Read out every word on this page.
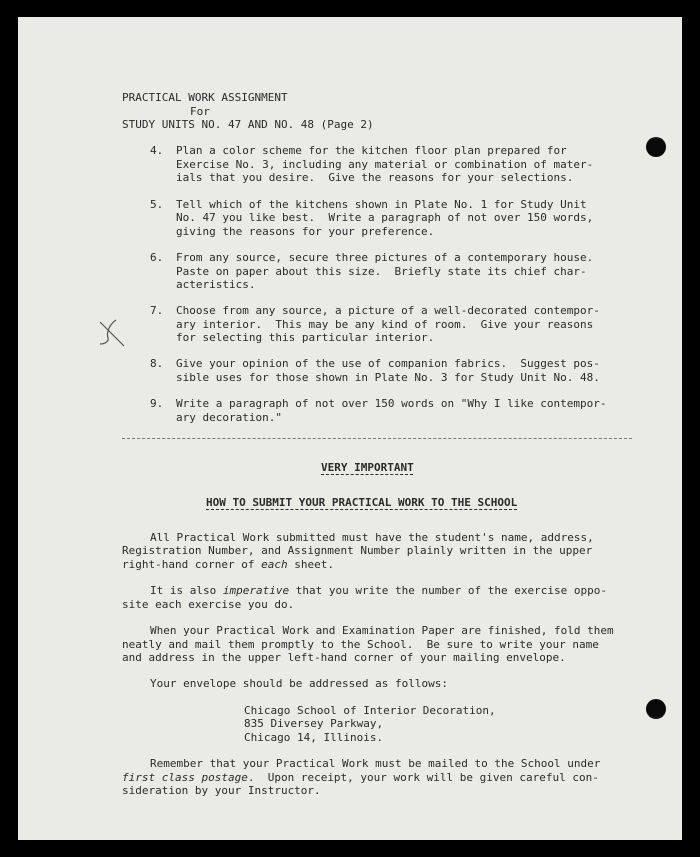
PRACTICAL WORK ASSIGNMENT
For
STUDY UNITS NO. 47 AND NO. 48 (Page 2)
4. Plan a color scheme for the kitchen floor plan prepared for
Exercise No. 3, including any material or combination of mater-
ials that you desire.  Give the reasons for your selections.
5. Tell which of the kitchens shown in Plate No. 1 for Study Unit
No. 47 you like best.  Write a paragraph of not over 150 words,
giving the reasons for your preference.
6. From any source, secure three pictures of a contemporary house.
Paste on paper about this size.  Briefly state its chief char-
acteristics.
7. Choose from any source, a picture of a well-decorated contempor-
ary interior.  This may be any kind of room.  Give your reasons
for selecting this particular interior.
8. Give your opinion of the use of companion fabrics.  Suggest pos-
sible uses for those shown in Plate No. 3 for Study Unit No. 48.
9. Write a paragraph of not over 150 words on "Why I like contempor-
ary decoration."
VERY IMPORTANT
HOW TO SUBMIT YOUR PRACTICAL WORK TO THE SCHOOL
All Practical Work submitted must have the student's name, address,
Registration Number, and Assignment Number plainly written in the upper
right-hand corner of each sheet.
It is also imperative that you write the number of the exercise oppo-
site each exercise you do.
When your Practical Work and Examination Paper are finished, fold them
neatly and mail them promptly to the School.  Be sure to write your name
and address in the upper left-hand corner of your mailing envelope.
Your envelope should be addressed as follows:
Chicago School of Interior Decoration,
835 Diversey Parkway,
Chicago 14, Illinois.
Remember that your Practical Work must be mailed to the School under
first class postage.  Upon receipt, your work will be given careful con-
sideration by your Instructor.
